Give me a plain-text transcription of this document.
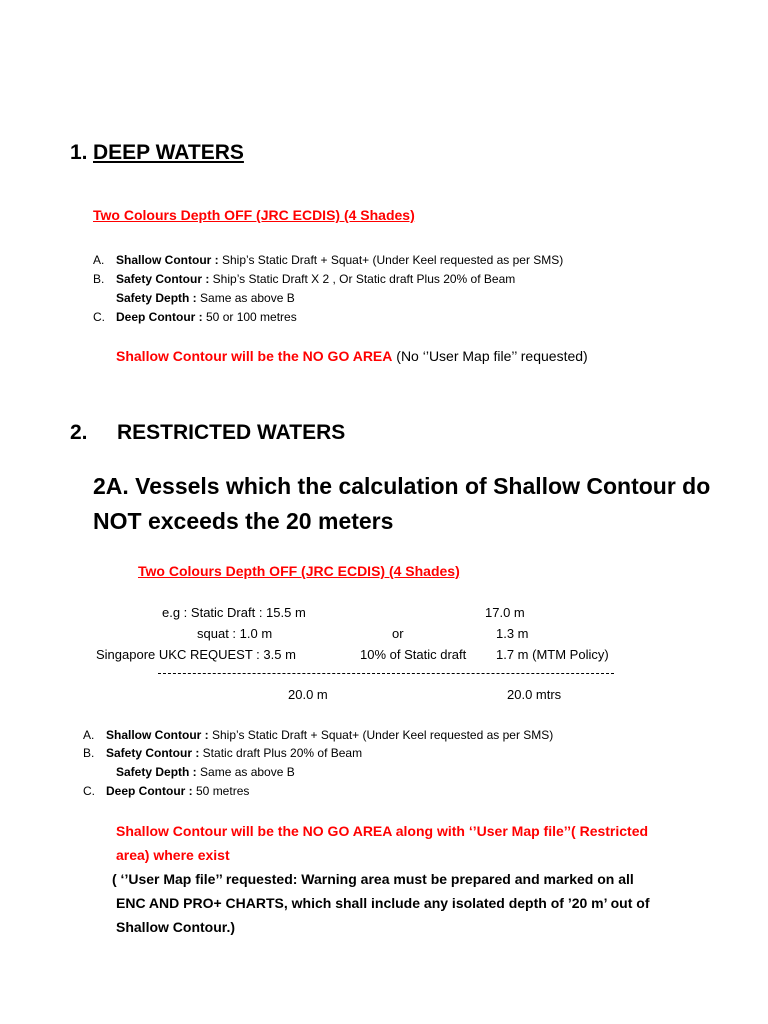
1. DEEP WATERS
Two Colours Depth OFF (JRC ECDIS) (4 Shades)
A. Shallow Contour : Ship’s Static Draft + Squat+ (Under Keel requested as per SMS)
B. Safety Contour : Ship’s Static Draft X 2 , Or Static draft Plus 20% of Beam
Safety Depth : Same as above B
C. Deep Contour : 50 or 100 metres
Shallow Contour will be the NO GO AREA (No ‘’User Map file’’ requested)
2. RESTRICTED WATERS
2A. Vessels which the calculation of Shallow Contour do
NOT exceeds the 20 meters
Two Colours Depth OFF (JRC ECDIS) (4 Shades)
e.g : Static Draft : 15.5 m	17.0 m
squat : 1.0 m	or	1.3 m
Singapore UKC REQUEST : 3.5 m	10% of Static draft 1.7 m (MTM Policy)
20.0 m	20.0 mtrs
A. Shallow Contour : Ship’s Static Draft + Squat+ (Under Keel requested as per SMS)
B. Safety Contour : Static draft Plus 20% of Beam
Safety Depth : Same as above B
C. Deep Contour : 50 metres
Shallow Contour will be the NO GO AREA along with ‘’User Map file’’( Restricted
area) where exist
( ‘’User Map file’’ requested: Warning area must be prepared and marked on all
ENC AND PRO+ CHARTS, which shall include any isolated depth of ’20 m’ out of
Shallow Contour.)
